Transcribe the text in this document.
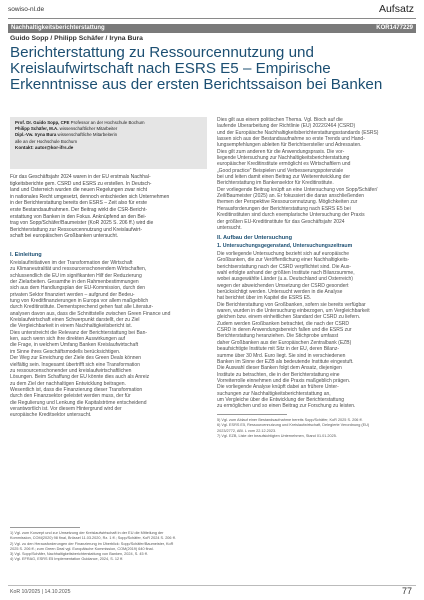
sowiso-nl.de	Aufsatz
Nachhaltigkeitsberichterstattung	KOR1477229
Guido Sopp / Philipp Schäfer / Iryna Bura
Berichterstattung zu Ressourcennutzung und Kreislaufwirtschaft nach ESRS E5 – Empirische Erkenntnisse aus der ersten Berichtssaison bei Banken
Prof. Dr. Guido Sopp, CFE Professor an der Hochschule Bochum
Philipp Schäfer, M.A. wissenschaftlicher Mitarbeiter
Dipl.-Vw. Iryna Bura wissenschaftliche Mitarbeiterin
alle an der Hochschule Bochum
Kontakt: autor@kor-ifrs.de
Für das Geschäftsjahr 2024 waren in der EU erstmals Nachhal-
tigkeitsberichte gem. CSRD und ESRS zu erstellen. In Deutsch-
land und Österreich wurden die neuen Regelungen zwar nicht
in nationales Recht umgesetzt, dennoch entschieden sich Unternehmen
in der Berichterstattung bereits den ESRS – Zeit also für erste
erste Bestandsaufnahmen. Der Beitrag wirkt die CSR-Bericht-
erstattung von Banken in den Fokus. Anknüpfend an den Bei-
trag von Sopp/Schäfer/Baumeister (KoR 2025 S. 206 ff.) wird die
Berichterstattung zur Ressourcennutzung und Kreislaufwirt-
schaft bei europäischen Großbanken untersucht.
I. Einleitung
Kreislaufinitiativen im der Transformation der Wirtschaft
zu Klimaneutralität und ressourcenschonendem Wirtschaften,
schlussendlich die EU im signifikanten Hilf der Reduzierung
der Zielarbeiten. Gesamthe in den Rahmenbestimmungen
sich aus dem Handlungsplan der EU-Kommission, durch den
privaten Sektor finanziert werden – aufgrund der Bedeu-
tung von Kreditfinanzierungen in Europa vor allem maßgeblich
durch Kreditinstitute. Dementsprechend gehen fast alle Literatur-
analysen davon aus, dass die Schnittstelle zwischen Green Finance und
Kreislaufwirtschaft einen Schwerpunkt darstellt, der zu Ziel
die Vergleichbarkeit in einem Nachhaltigkeitsbericht ist.
Dies unterstreicht die Relevanz der Berichterstattung bei Ban-
ken, auch wenn sich ihre direkten Auswirkungen auf
die Frage, in welchem Umfang Banken Kreislaufwirtschaft
im Sinne ihres Geschäftsmodells berücksichtigen.
Der Weg zur Erreichung der Ziele des Green Deals können
vielfältig sein. Insgesamt übertrifft sich eine Transformation
zu ressourcenschonender und kreislaufwirtschaftlichen
Lösungen. Beim Schaffung der EU könnte dies auch als Anreiz
zu dem Ziel der nachhaltigen Entwicklung beitragen.
Wesentlich ist, dass die Finanzierung dieser Transformation
durch den Finanzsektor geleistet werden muss, der für
die Regulierung und Lenkung die Kapitalströme entscheidend
verantwortlich ist. Vor diesem Hintergrund wird der
europäische Kreditsektor untersucht.
1) Vgl. zum Konzept und zur Umsetzung der Kreislaufwirtschaft in der EU die Mitteilung der
Kommission, COM(2020) 98 final, Brüssel 11.03.2020, Rz. 1 ff.; Sopp/Schäfer, KoR 2024 S. 206 ff.
2) Vgl. zu den Herausforderungen der Finanzierung im Überblick: Sopp/Schäfer/Baumeister, KoR
2025 S. 206 ff.; zum Green Deal vgl. Europäische Kommission, COM(2019) 640 final.
3) Vgl. Sopp/Schäfer, Nachhaltigkeitsberichterstattung von Banken, 2024, S. 45 ff.
4) Vgl. EFRAG, ESRS E5 Implementation Guidance, 2024, S. 12 ff.
Dies gilt aus einem politischen Thema. Vgl. Bioch auf die
laufende Überarbeitung der Richtlinie (EU) 2022/2464 (CSRD)
und der Europäische Nachhaltigkeitsberichterstattungsstandards (ESRS)
lassen sich aus der Bestandsaufnahme so erste Trends und Hand-
lungsempfehlungen ableiten für Berichtsersteller und Adressaten.
Dies gilt zum anderen für die Anwendungspraxis. Die vor-
liegende Untersuchung zur Nachhaltigkeitsberichterstattung
europäischer Kreditinstitute ermöglicht es Wirtschaftlern und
„Good practice“ Beispielen und Verbesserungspotenziale
bei und leiten damit einen Beitrag zur Weiterentwicklung der
Berichterstattung im Bankensektor für Kreditinstitute.
Der vorliegende Beitrag knüpft an eine Untersuchung von Sopp/Schäfer/
Zeil/Baumeister (2025) an. Er fokussiert die daran anschließenden
themen der Perspektive Ressourcennutzung. Möglichkeiten zur
Herausforderungen der Berichterstattung nach ESRS E5 bei
Kreditinstituten sind durch exemplarische Untersuchung der Praxis
der größten EU-Kreditinstitute für das Geschäftsjahr 2024
untersucht.
II. Aufbau der Untersuchung
1. Untersuchungsgegenstand, Untersuchungszeitraum
Die vorliegende Untersuchung bezieht sich auf europäische
Großbanken, die zur Veröffentlichung einer Nachhaltigkeits-
berichtserstattung nach der CSRD verpflichtet sind. Die Aus-
wahl erfolgte anhand der größten Institute nach Bilanzsumme,
wobei ausgewählte Länder (u.a. Deutschland und Österreich)
wegen der abweichenden Umsetzung der CSRD gesondert
berücksichtigt werden. Untersucht werden in die Analyse
hat berichtet über im Kapitel die ESRS E5.
Die Berichterstattung von Großbanken, sofern sie bereits verfügbar
waren, wurden in die Untersuchung einbezogen, um Vergleichbarkeit
gleichen bzw. einem einheitlichen Standard der CSRD zu liefern.
Zudem werden Großbanken betrachtet, die nach der CSRD
CSRD in deren Anwendungsbereich fallen und die ESRS zur
Berichterstattung heranziehen. Die Stichprobe umfasst
daher Großbanken aus der Europäischen Zentralbank (EZB)
beaufsichtigte Institute mit Sitz in der EU, deren Bilanz-
summe über 30 Mrd. Euro liegt. Sie sind in verschiedenen
Banken im Sinne der EZB als bedeutende Institute eingestuft.
Die Auswahl dieser Banken folgt dem Ansatz, diejenigen
Institute zu betrachten, die in der Berichterstattung eine
Vorreiterrolle einnehmen und die Praxis maßgeblich prägen.
Die vorliegende Analyse knüpft dabei an frühere Unter-
suchungen zur Nachhaltigkeitsberichterstattung an,
um Vergleiche über die Entwicklung der Berichterstattung
zu ermöglichen und so einen Beitrag zur Forschung zu leisten.
5) Vgl. zum Ablauf einer Bestandsaufnahme bereits Sopp/Schäfer, KoR 2025 S. 206 ff.
6) Vgl. ESRS E5, Ressourcennutzung und Kreislaufwirtschaft, Delegierte Verordnung (EU)
2023/2772, ABl. L vom 22.12.2023.
7) Vgl. EZB, Liste der beaufsichtigten Unternehmen, Stand 01.01.2025.
KoR 10/2025 | 14.10.2025	77
